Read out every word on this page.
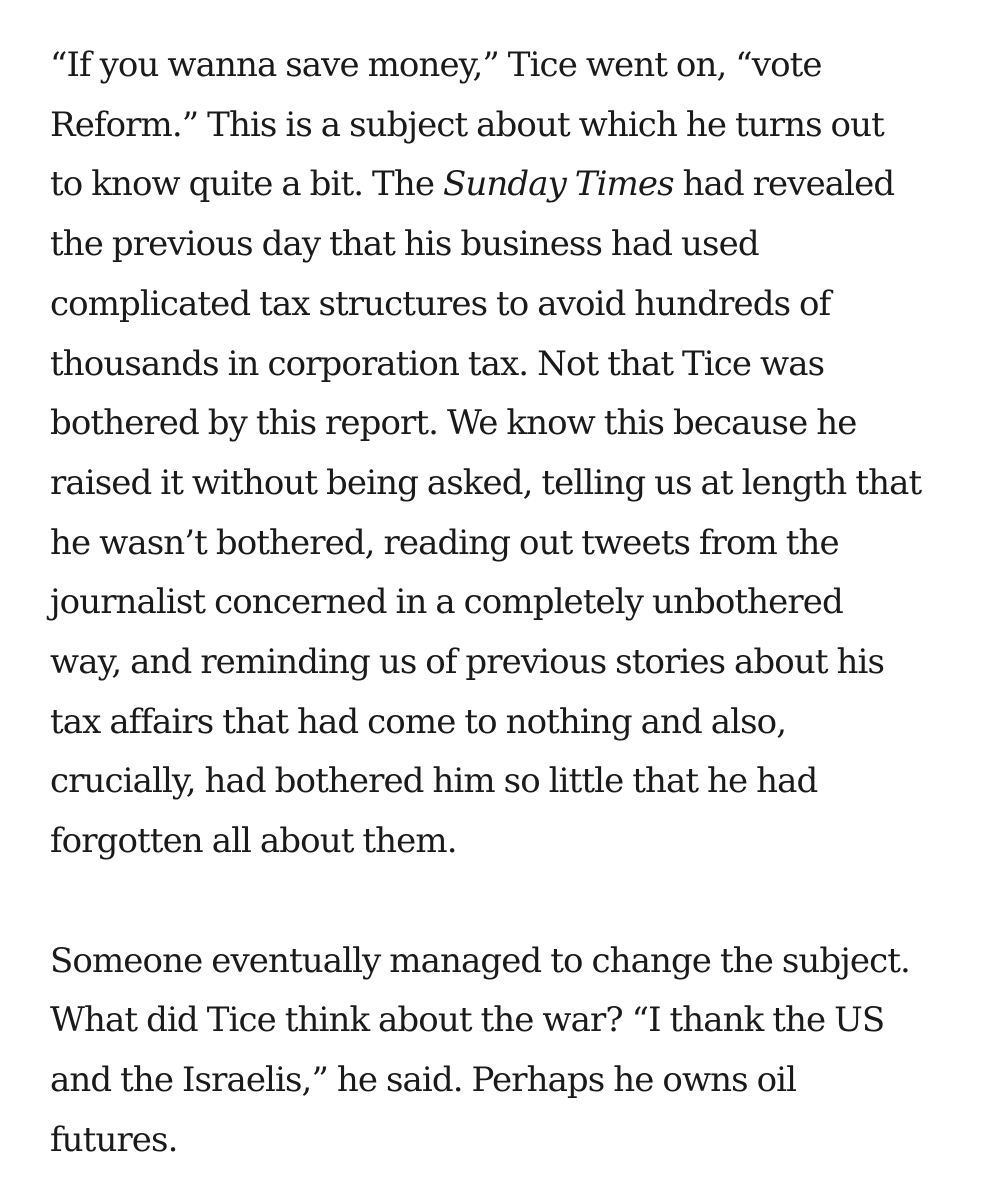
“If you wanna save money,” Tice went on, “vote
Reform.” This is a subject about which he turns out
to know quite a bit. The Sunday Times had revealed
the previous day that his business had used
complicated tax structures to avoid hundreds of
thousands in corporation tax. Not that Tice was
bothered by this report. We know this because he
raised it without being asked, telling us at length that
he wasn’t bothered, reading out tweets from the
journalist concerned in a completely unbothered
way, and reminding us of previous stories about his
tax affairs that had come to nothing and also,
crucially, had bothered him so little that he had
forgotten all about them.

Someone eventually managed to change the subject.
What did Tice think about the war? “I thank the US
and the Israelis,” he said. Perhaps he owns oil
futures.
